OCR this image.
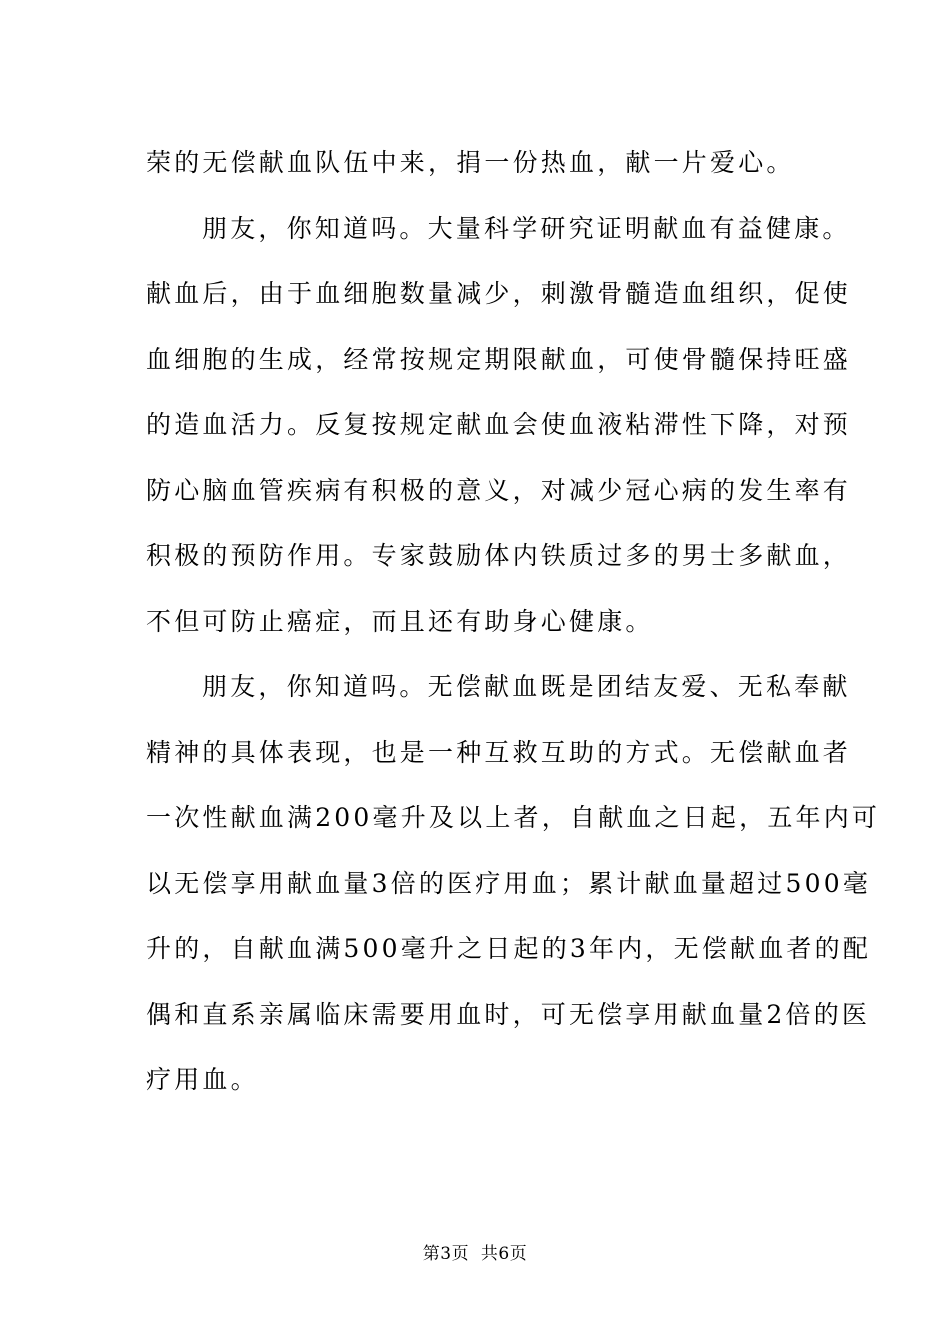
荣的无偿献血队伍中来，捐一份热血，献一片爱心。
朋友，你知道吗。大量科学研究证明献血有益健康。
献血后，由于血细胞数量减少，刺激骨髓造血组织，促使
血细胞的生成，经常按规定期限献血，可使骨髓保持旺盛
的造血活力。反复按规定献血会使血液粘滞性下降，对预
防心脑血管疾病有积极的意义，对减少冠心病的发生率有
积极的预防作用。专家鼓励体内铁质过多的男士多献血，
不但可防止癌症，而且还有助身心健康。
朋友，你知道吗。无偿献血既是团结友爱、无私奉献
精神的具体表现，也是一种互救互助的方式。无偿献血者
一次性献血满200毫升及以上者，自献血之日起，五年内可
以无偿享用献血量3倍的医疗用血；累计献血量超过500毫
升的，自献血满500毫升之日起的3年内，无偿献血者的配
偶和直系亲属临床需要用血时，可无偿享用献血量2倍的医
疗用血。
第3页  共6页
